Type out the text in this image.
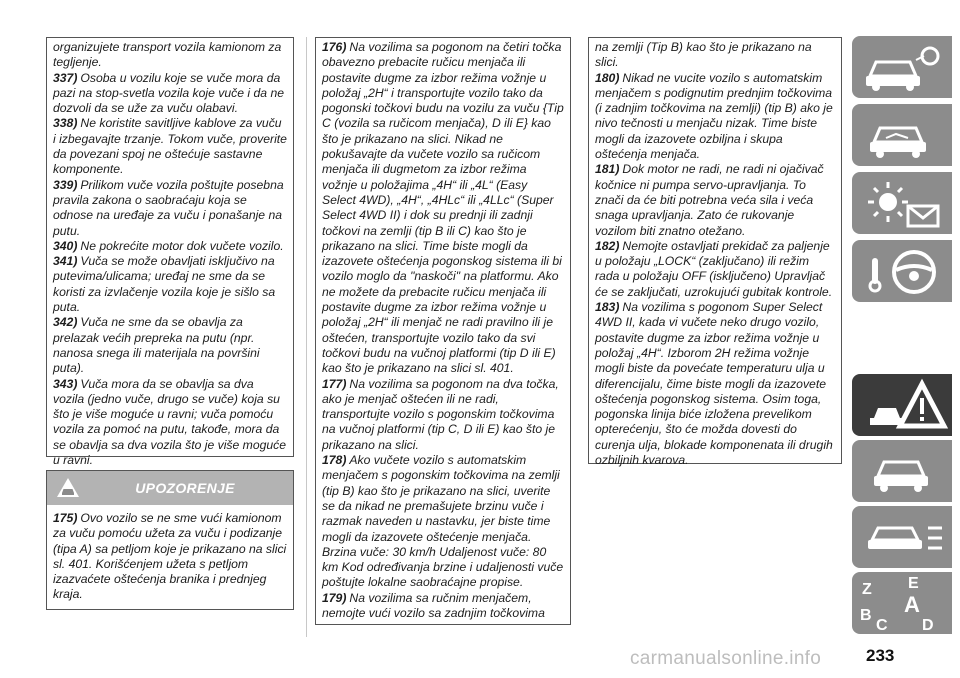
organizujete transport vozila kamionom za tegljenje.

337) Osoba u vozilu koje se vuče mora da pazi na stop-svetla vozila koje vuče i da ne dozvoli da se uže za vuču olabavi.

338) Ne koristite savitljive kablove za vuču i izbegavajte trzanje. Tokom vuče, proverite da povezani spoj ne oštećuje sastavne komponente.

339) Prilikom vuče vozila poštujte posebna pravila zakona o saobraćaju koja se odnose na uređaje za vuču i ponašanje na putu.

340) Ne pokrećite motor dok vučete vozilo.

341) Vuča se može obavljati isključivo na putevima/ulicama; uređaj ne sme da se koristi za izvlačenje vozila koje je sišlo sa puta.

342) Vuča ne sme da se obavlja za prelazak većih prepreka na putu (npr. nanosa snega ili materijala na površini puta).

343) Vuča mora da se obavlja sa dva vozila (jedno vuče, drugo se vuče) koja su što je više moguće u ravni; vuča pomoću vozila za pomoć na putu, takođe, mora da se obavlja sa dva vozila što je više moguće u ravni.

UPOZORENJE

175) Ovo vozilo se ne sme vući kamionom za vuču pomoću užeta za vuču i podizanje (tipa A) sa petljom koje je prikazano na slici sl. 401. Korišćenjem užeta s petljom izazvaćete oštećenja branika i prednjeg kraja.

176) Na vozilima sa pogonom na četiri točka obavezno prebacite ručicu menjača ili postavite dugme za izbor režima vožnje u položaj „2H“ i transportujte vozilo tako da pogonski točkovi budu na vozilu za vuču {Tip C (vozila sa ručicom menjača), D ili E} kao što je prikazano na slici. Nikad ne pokušavajte da vučete vozilo sa ručicom menjača ili dugmetom za izbor režima vožnje u položajima „4H“ ili „4L“ (Easy Select 4WD), „4H“, „4HLc“ ili „4LLc“ (Super Select 4WD II) i dok su prednji ili zadnji točkovi na zemlji (tip B ili C) kao što je prikazano na slici. Time biste mogli da izazovete oštećenja pogonskog sistema ili bi vozilo moglo da "naskoči" na platformu. Ako ne možete da prebacite ručicu menjača ili postavite dugme za izbor režima vožnje u položaj „2H“ ili menjač ne radi pravilno ili je oštećen, transportujte vozilo tako da svi točkovi budu na vučnoj platformi (tip D ili E) kao što je prikazano na slici sl. 401.

177) Na vozilima sa pogonom na dva točka, ako je menjač oštećen ili ne radi, transportujte vozilo s pogonskim točkovima na vučnoj platformi (tip C, D ili E) kao što je prikazano na slici.

178) Ako vučete vozilo s automatskim menjačem s pogonskim točkovima na zemlji (tip B) kao što je prikazano na slici, uverite se da nikad ne premašujete brzinu vuče i razmak naveden u nastavku, jer biste time mogli da izazovete oštećenje menjača. Brzina vuče: 30 km/h Udaljenost vuče: 80 km Kod određivanja brzine i udaljenosti vuče poštujte lokalne saobraćajne propise.

179) Na vozilima sa ručnim menjačem, nemojte vući vozilo sa zadnjim točkovima

na zemlji (Tip B) kao što je prikazano na slici.

180) Nikad ne vucite vozilo s automatskim menjačem s podignutim prednjim točkovima (i zadnjim točkovima na zemlji) (tip B) ako je nivo tečnosti u menjaču nizak. Time biste mogli da izazovete ozbiljna i skupa oštećenja menjača.

181) Dok motor ne radi, ne radi ni ojačivač kočnice ni pumpa servo-upravljanja. To znači da će biti potrebna veća sila i veća snaga upravljanja. Zato će rukovanje vozilom biti znatno otežano.

182) Nemojte ostavljati prekidač za paljenje u položaju „LOCK“ (zaključano) ili režim rada u položaju OFF (isključeno) Upravljač će se zaključati, uzrokujući gubitak kontrole.

183) Na vozilima s pogonom Super Select 4WD II, kada vi vučete neko drugo vozilo, postavite dugme za izbor režima vožnje u položaj „4H“. Izborom 2H režima vožnje mogli biste da povećate temperaturu ulja u diferencijalu, čime biste mogli da izazovete oštećenja pogonskog sistema. Osim toga, pogonska linija biće izložena prevelikom opterećenju, što će možda dovesti do curenja ulja, blokade komponenata ili drugih ozbiljnih kvarova.

Z E
B A
C D
233
carmanualsonline.info
